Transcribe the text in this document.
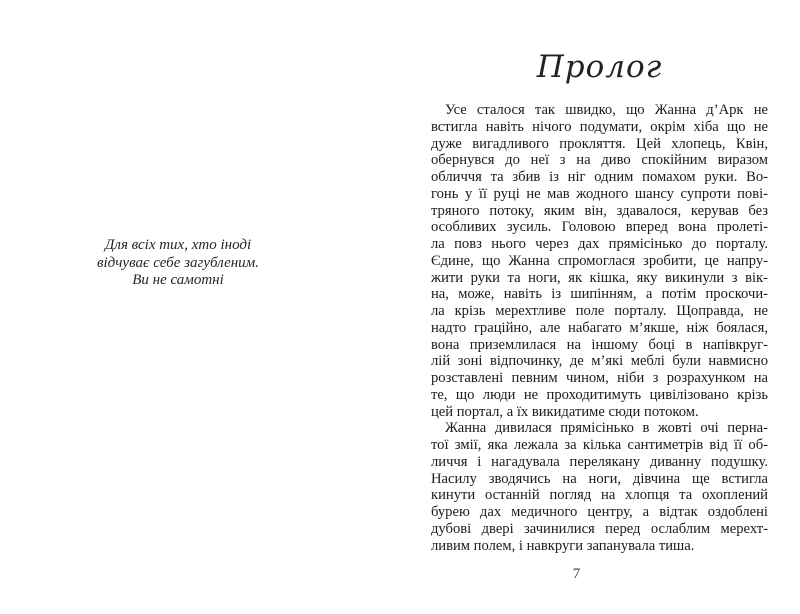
Для всіх тих, хто іноді
відчуває себе загубленим.
Ви не самотні
Пролог
Усе сталося так швидко, що Жанна д’Арк не
встигла навіть нічого подумати, окрім хіба що не
дуже вигадливого прокляття. Цей хлопець, Квін,
обернувся до неї з на диво спокійним виразом
обличчя та збив із ніг одним помахом руки. Во-
гонь у її руці не мав жодного шансу супроти пові-
тряного потоку, яким він, здавалося, керував без
особливих зусиль. Головою вперед вона пролеті-
ла повз нього через дах прямісінько до порталу.
Єдине, що Жанна спромоглася зробити, це напру-
жити руки та ноги, як кішка, яку викинули з вік-
на, може, навіть із шипінням, а потім проскочи-
ла крізь мерехтливе поле порталу. Щоправда, не
надто граційно, але набагато м’якше, ніж боялася,
вона приземлилася на іншому боці в напівкруг-
лій зоні відпочинку, де м’які меблі були навмисно
розставлені певним чином, ніби з розрахунком на
те, що люди не проходитимуть цивілізовано крізь
цей портал, а їх викидатиме сюди потоком.
Жанна дивилася прямісінько в жовті очі перна-
тої змії, яка лежала за кілька сантиметрів від її об-
личчя і нагадувала перелякану диванну подушку.
Насилу зводячись на ноги, дівчина ще встигла
кинути останній погляд на хлопця та охоплений
бурею дах медичного центру, а відтак оздоблені
дубові двері зачинилися перед ослаблим мерехт-
ливим полем, і навкруги запанувала тиша.
7
